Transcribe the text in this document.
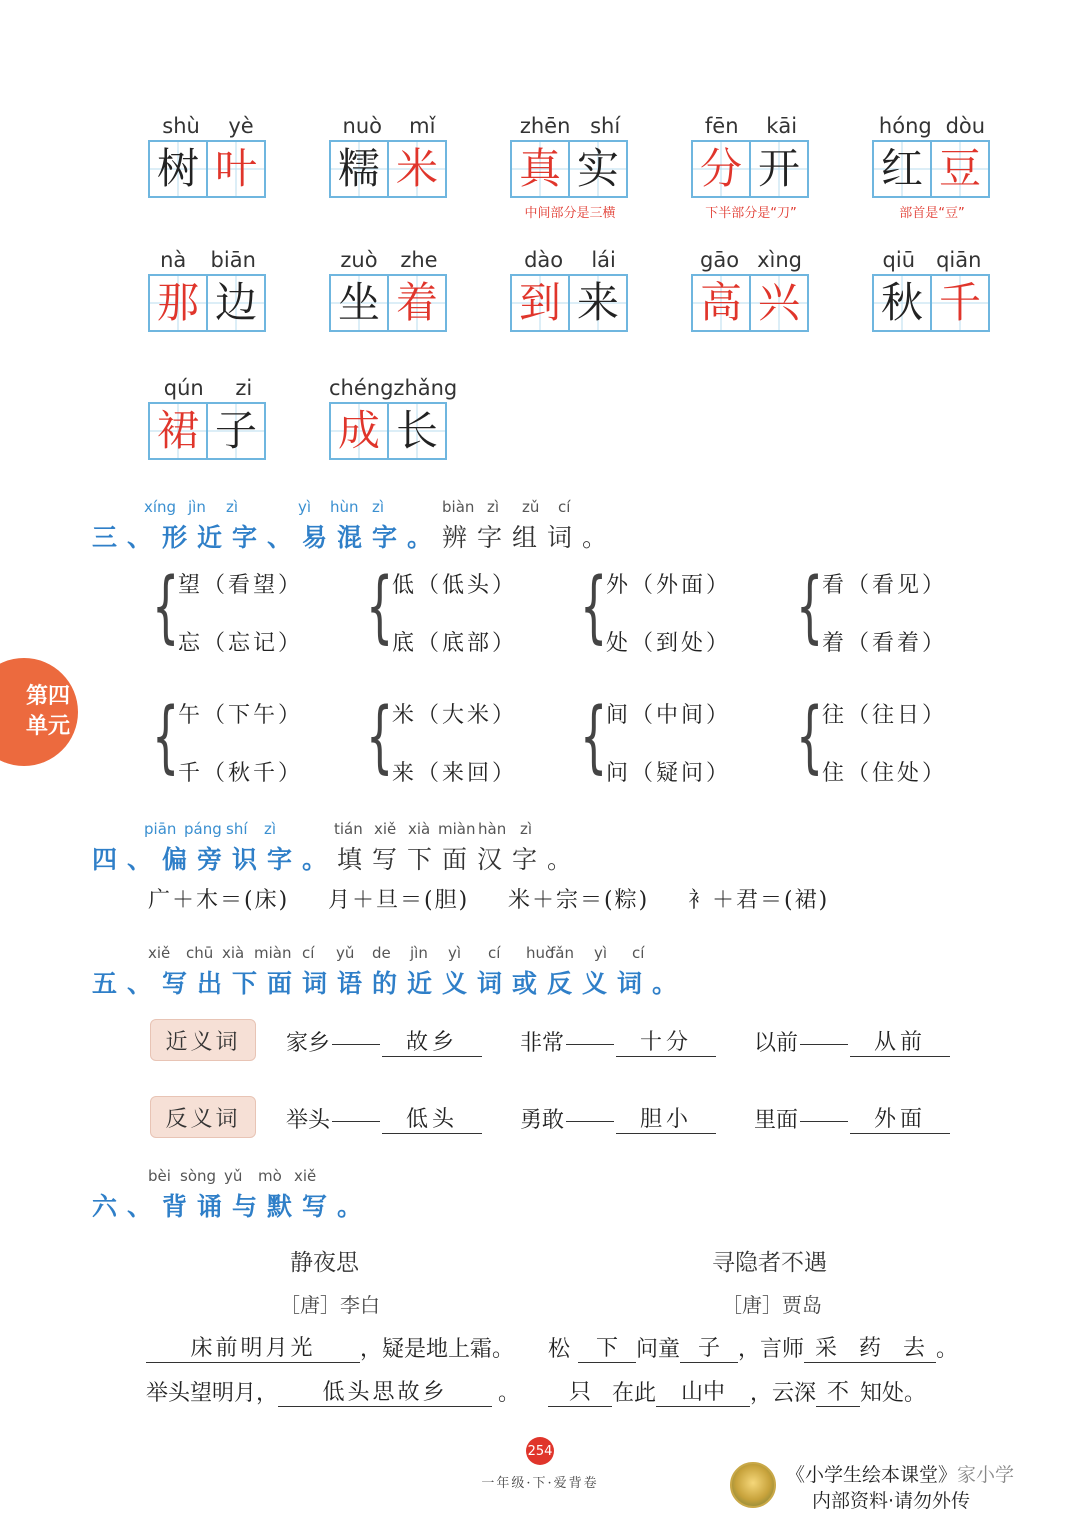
shù yè
树 叶
nuò mǐ
糯 米
zhēn shí
真 实
中间部分是三横
fēn kāi
分 开
下半部分是“刀”
hóng dòu
红 豆
部首是“豆”
nà biān
那 边
zuò zhe
坐 着
dào lái
到 来
gāo xìng
高 兴
qiū qiān
秋 千
qún zi
裙 子
chéng zhǎng
成 长
xíng jìn zì	yì hùn zì	biàn zì zǔ cí
三、形近字、易混字。辨字组词。
{
望（看望）
忘（忘记） {
低（低头）
底（底部） {
外（外面）
处（到处） {
看（看见）
着（看着）
{
午（下午）
千（秋千） {
米（大米）
来（来回） {
间（中间）
问（疑问） {
往（往日）
住（住处）
第四
单元
piān páng shí zì	tián xiě xià miàn hàn zì
四、偏旁识字。填写下面汉字。
广＋木＝(床)	月＋旦＝(胆)	米＋宗＝(粽)	衤＋君＝(裙)
xiě chū xià miàn cí yǔ de jìn yì cí huò
fǎn yì cí
五、写出下面词语的近义词或反义词。
近义词	家乡	故乡	非常	十分	以前	从前
反义词	举头	低头	勇敢	胆小	里面	外面
bèi sòng yǔ mò xiě
六、背诵与默写。
静夜思
［唐］李白
床前明月光	，疑是地上霜。
举头望明月，	低头思故乡	。
寻隐者不遇
［唐］贾岛
松	下 问童 子 ，言师 采 药 去 。
只 在此	山中	，云深 不 知处。
254
一年级·下·爱背卷	《小学生绘本课堂》家小学
内部资料·请勿外传
